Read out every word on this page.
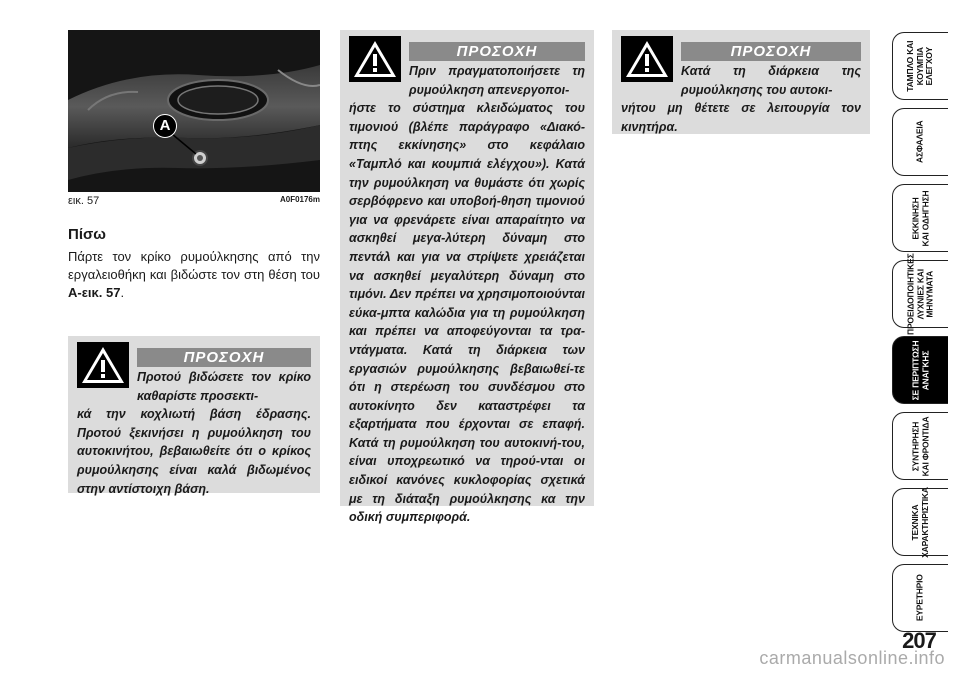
A
εικ. 57	A0F0176m
Πίσω
Πάρτε τον κρίκο ρυμούλκησης από την εργαλειοθήκη και βιδώστε τον στη θέση του A-εικ. 57.
ΠΡΟΣΟΧΗ
Προτού βιδώσετε τον κρίκο καθαρίστε προσεκτι-
κά την κοχλιωτή βάση έδρασης. Προτού ξεκινήσει η ρυμούλκηση του αυτοκινήτου, βεβαιωθείτε ότι ο κρίκος ρυμούλκησης είναι καλά βιδωμένος στην αντίστοιχη βάση.
ΠΡΟΣΟΧΗ
Πριν πραγματοποιήσετε τη ρυμούλκηση απενεργοποι-
ήστε το σύστημα κλειδώματος του τιμονιού (βλέπε παράγραφο «Διακό-πτης εκκίνησης» στο κεφάλαιο «Ταμπλό και κουμπιά ελέγχου»). Κατά την ρυμούλκηση να θυμάστε ότι χωρίς σερβόφρενο και υποβοή-θηση τιμονιού για να φρενάρετε είναι απαραίτητο να ασκηθεί μεγα-λύτερη δύναμη στο πεντάλ και για να στρίψετε χρειάζεται να ασκηθεί μεγαλύτερη δύναμη στο τιμόνι. Δεν πρέπει να χρησιμοποιούνται εύκα-μπτα καλώδια για τη ρυμούλκηση και πρέπει να αποφεύγονται τα τρα-ντάγματα. Κατά τη διάρκεια των εργασιών ρυμούλκησης βεβαιωθεί-τε ότι η στερέωση του συνδέσμου στο αυτοκίνητο δεν καταστρέφει τα εξαρτήματα που έρχονται σε επαφή. Κατά τη ρυμούλκηση του αυτοκινή-του, είναι υποχρεωτικό να τηρού-νται οι ειδικοί κανόνες κυκλοφορίας σχετικά με τη διάταξη ρυμούλκησης κα την οδική συμπεριφορά.
ΠΡΟΣΟΧΗ
Κατά τη διάρκεια της ρυμούλκησης του αυτοκι-
νήτου μη θέτετε σε λειτουργία τον κινητήρα.
ΤΑΜΠΛΟ ΚΑΙ
ΚΟΥΜΠΙΑ
ΕΛΕΓΧΟΥ
ΑΣΦΑΛΕΙΑ
ΕΚΚΙΝΗΣΗ
ΚΑΙ ΟΔΗΓΗΣΗ
ΠΡΟΕΙΔΟΠΟΙΗΤΙΚΕΣ
ΛΥΧΝΙΕΣ ΚΑΙ
ΜΗΝΥΜΑΤΑ
ΣΕ ΠΕΡΙΠΤΩΣΗ
ΑΝΑΓΚΗΣ
ΣΥΝΤΗΡΗΣΗ
ΚΑΙ ΦΡΟΝΤΙΔΑ
ΤΕΧΝΙΚΑ
ΧΑΡΑΚΤΗΡΙΣΤΙΚΑ
ΕΥΡΕΤΗΡΙΟ
207
carmanualsonline.info
